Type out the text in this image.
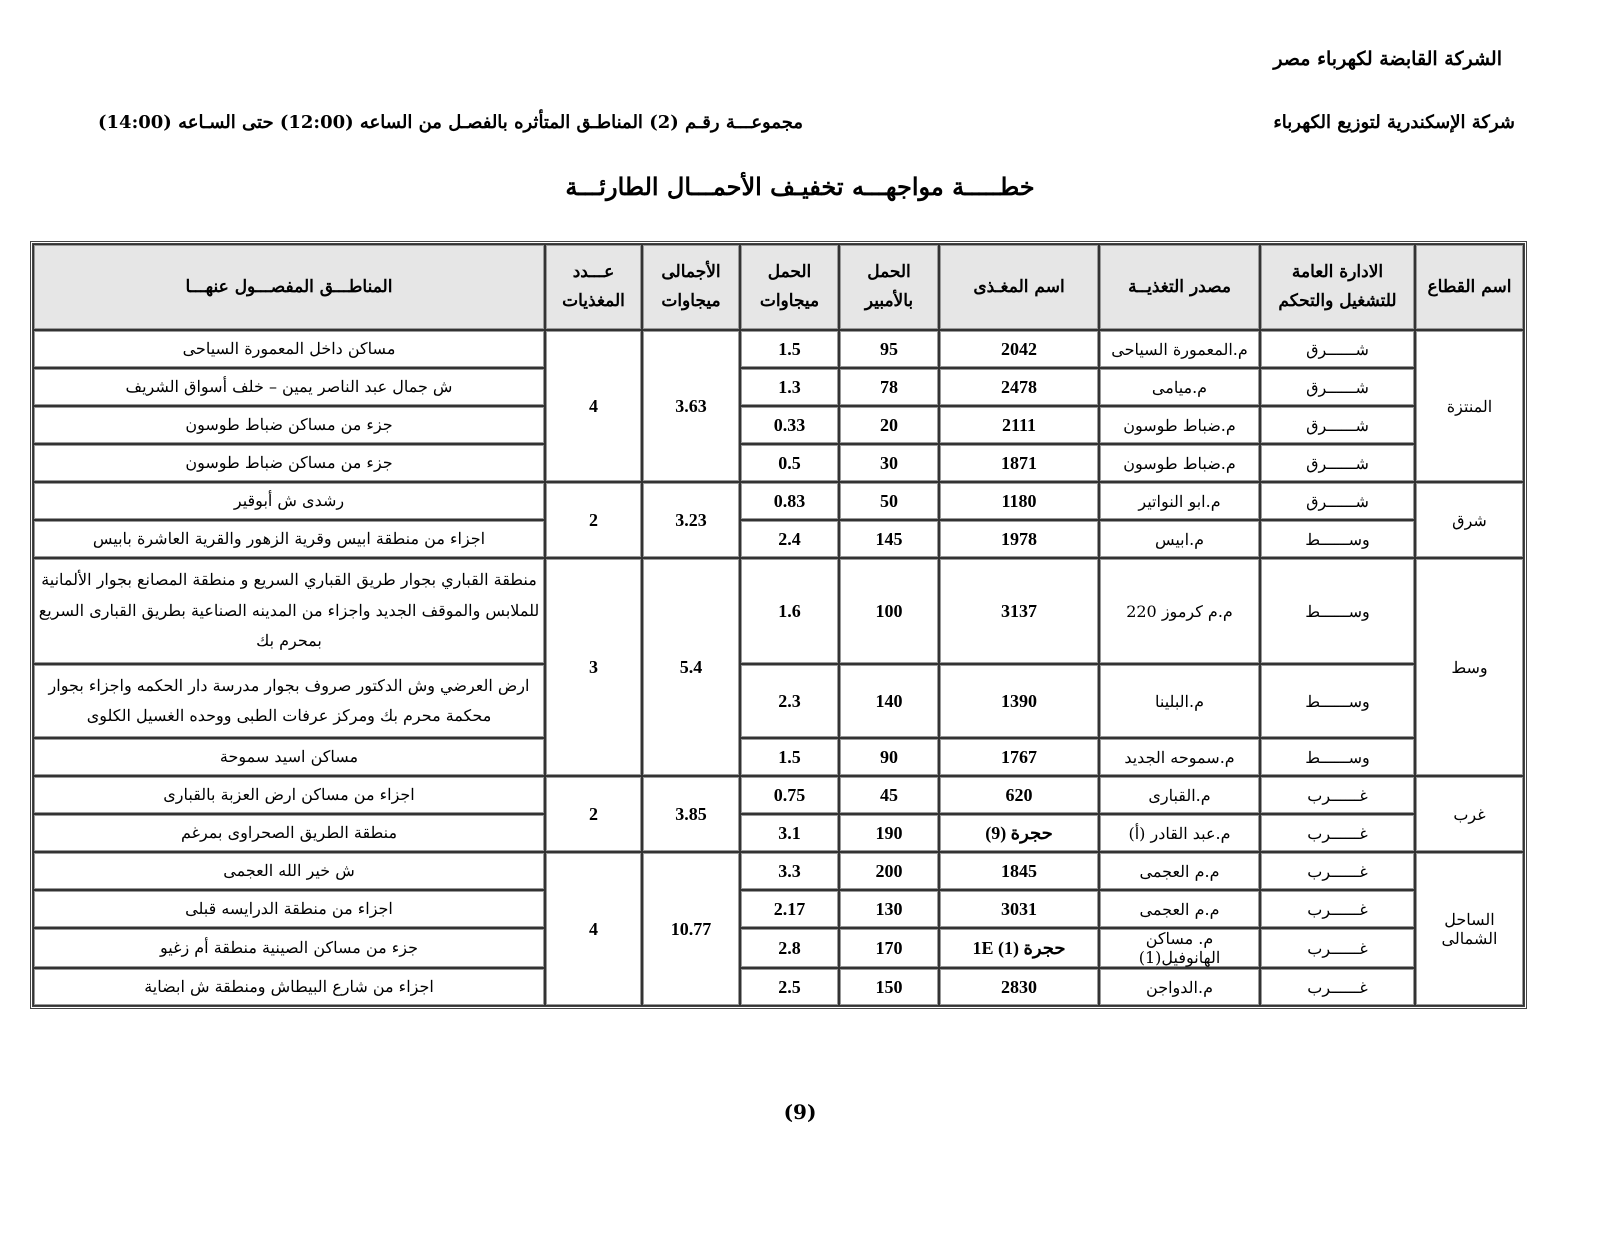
الشركة القابضة لكهرباء مصر
شركة الإسكندرية لتوزيع الكهرباء
مجموعـــة رقـم (2) المناطـق المتأثره بالفصـل من الساعه (12:00) حتى السـاعه (14:00)
خطـــــة مواجهـــه تخفيـف الأحمـــال الطارئـــة
اسم القطاع	الادارة العامة للتشغيل والتحكم	مصدر التغذيــة	اسم المغـذى	الحمل بالأمبير	الحمل ميجاوات	الأجمالى ميجاوات	عـــدد المغذيات	المناطـــق المفصـــول عنهـــا
المنتزة	شــــــرق	م.المعمورة السياحى	2042	95	1.5	3.63	4	مساكن داخل المعمورة السياحى
	شــــــرق	م.ميامى	2478	78	1.3			ش جمال عبد الناصر يمين – خلف أسواق الشريف
	شــــــرق	م.ضباط طوسون	2111	20	0.33			جزء من مساكن ضباط طوسون
	شــــــرق	م.ضباط طوسون	1871	30	0.5			جزء من مساكن ضباط طوسون
شرق	شــــــرق	م.ابو النواتير	1180	50	0.83	3.23	2	رشدى ش أبوقير
	وســــــط	م.ابيس	1978	145	2.4			اجزاء من منطقة ابيس وقرية الزهور والقرية العاشرة بابيس
وسط	وســــــط	م.م كرموز 220	3137	100	1.6	5.4	3	منطقة القباري بجوار طريق القباري السريع و منطقة المصانع بجوار الألمانية للملابس والموقف الجديد واجزاء من المدينه الصناعية بطريق القبارى السريع بمحرم بك
	وســــــط	م.البلينا	1390	140	2.3			ارض العرضي وش الدكتور صروف بجوار مدرسة دار الحكمه واجزاء بجوار محكمة محرم بك ومركز عرفات الطبى ووحده الغسيل الكلوى
	وســــــط	م.سموحه الجديد	1767	90	1.5			مساكن اسيد سموحة
غرب	غــــــرب	م.القبارى	620	45	0.75	3.85	2	اجزاء من مساكن ارض العزبة بالقبارى
	غــــــرب	م.عبد القادر (أ)	حجرة (9)	190	3.1			منطقة الطريق الصحراوى بمرغم
الساحل الشمالى	غــــــرب	م.م العجمى	1845	200	3.3	10.77	4	ش خير الله العجمى
	غــــــرب	م.م العجمى	3031	130	2.17			اجزاء من منطقة الدرايسه قبلى
	غــــــرب	م. مساكن الهانوفيل(1)	حجرة (1) 1E	170	2.8			جزء من مساكن الصينية منطقة أم زغيو
	غــــــرب	م.الدواجن	2830	150	2.5			اجزاء من شارع البيطاش ومنطقة ش ابضاية
(9)
